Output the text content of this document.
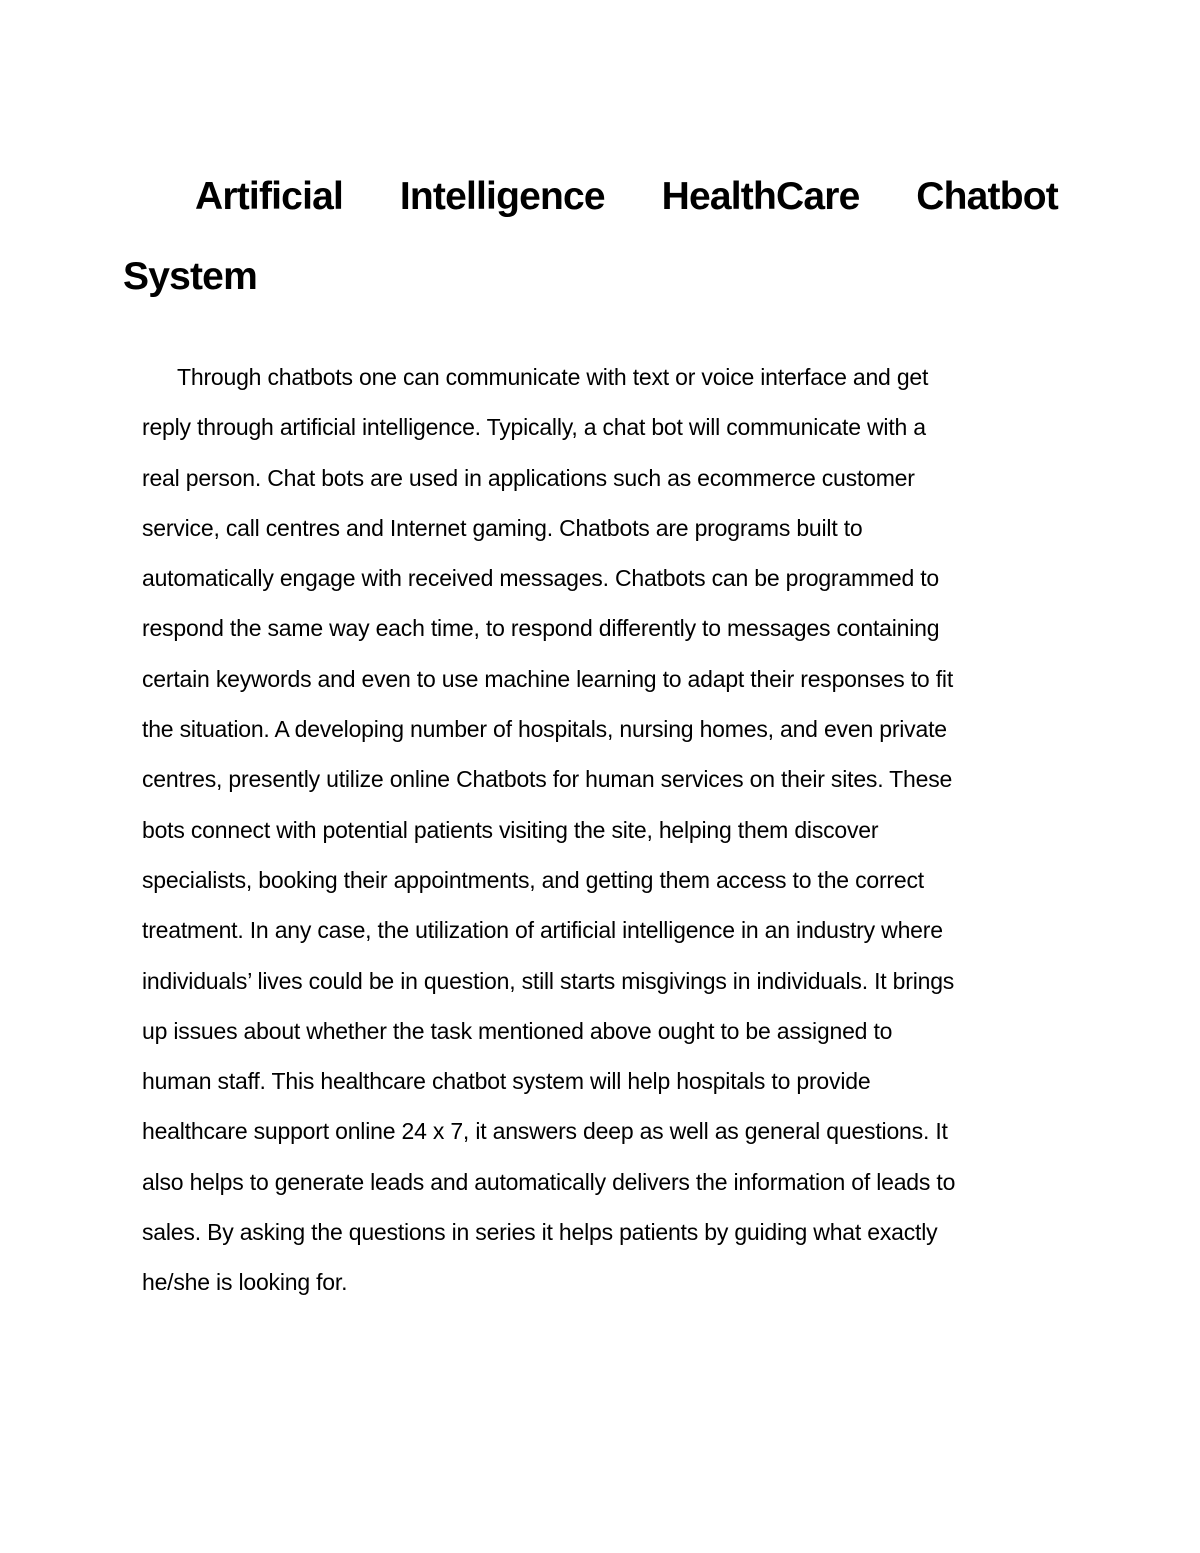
Artificial Intelligence HealthCare Chatbot
System
Through chatbots one can communicate with text or voice interface and get
reply through artificial intelligence. Typically, a chat bot will communicate with a
real person. Chat bots are used in applications such as ecommerce customer
service, call centres and Internet gaming. Chatbots are programs built to
automatically engage with received messages. Chatbots can be programmed to
respond the same way each time, to respond differently to messages containing
certain keywords and even to use machine learning to adapt their responses to fit
the situation. A developing number of hospitals, nursing homes, and even private
centres, presently utilize online Chatbots for human services on their sites. These
bots connect with potential patients visiting the site, helping them discover
specialists, booking their appointments, and getting them access to the correct
treatment. In any case, the utilization of artificial intelligence in an industry where
individuals’ lives could be in question, still starts misgivings in individuals. It brings
up issues about whether the task mentioned above ought to be assigned to
human staff. This healthcare chatbot system will help hospitals to provide
healthcare support online 24 x 7, it answers deep as well as general questions. It
also helps to generate leads and automatically delivers the information of leads to
sales. By asking the questions in series it helps patients by guiding what exactly
he/she is looking for.
